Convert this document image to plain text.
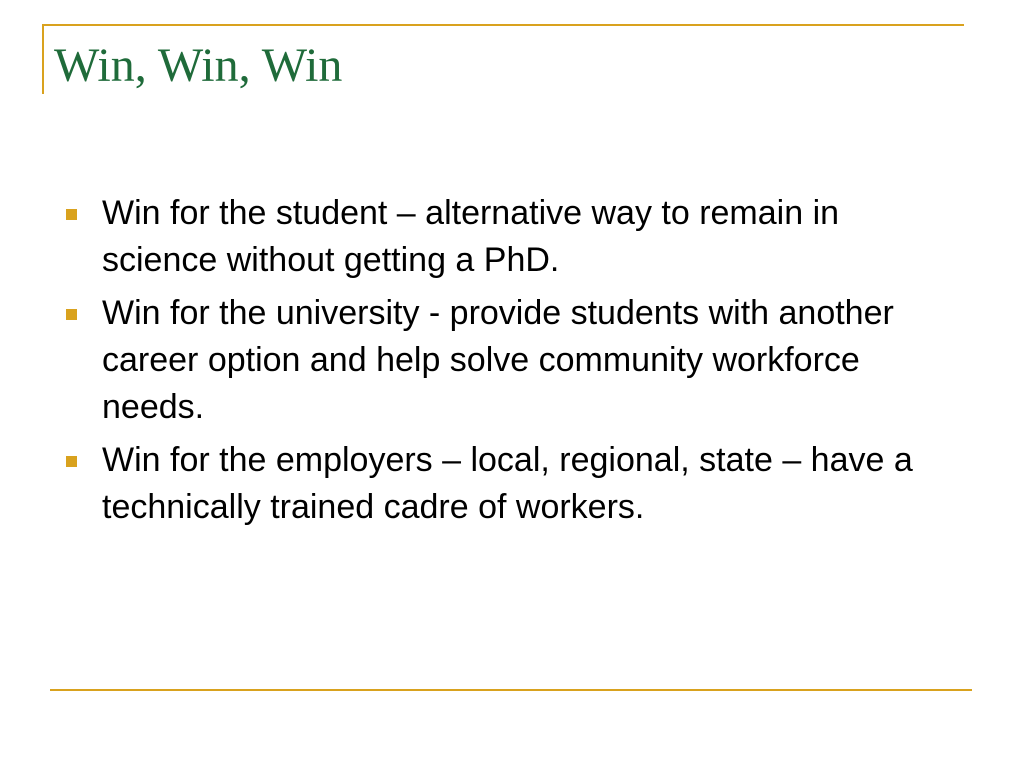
Win, Win, Win
Win for the student – alternative way to remain in science without getting a PhD.
Win for the university - provide students with another career option and help solve community workforce needs.
Win for the employers – local, regional, state – have a technically trained cadre of workers.
